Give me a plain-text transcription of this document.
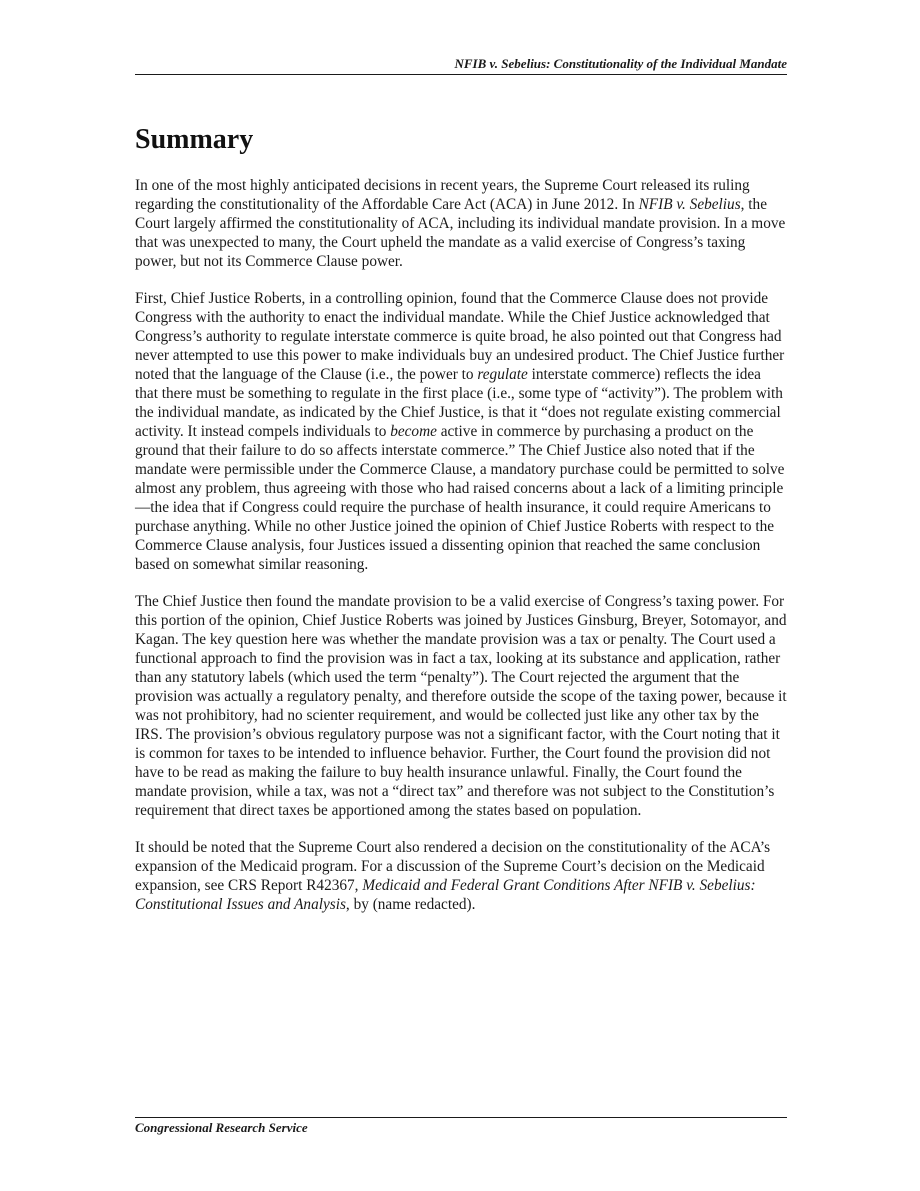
NFIB v. Sebelius: Constitutionality of the Individual Mandate
Summary

In one of the most highly anticipated decisions in recent years, the Supreme Court released its ruling regarding the constitutionality of the Affordable Care Act (ACA) in June 2012. In NFIB v. Sebelius, the Court largely affirmed the constitutionality of ACA, including its individual mandate provision. In a move that was unexpected to many, the Court upheld the mandate as a valid exercise of Congress’s taxing power, but not its Commerce Clause power.

First, Chief Justice Roberts, in a controlling opinion, found that the Commerce Clause does not provide Congress with the authority to enact the individual mandate. While the Chief Justice acknowledged that Congress’s authority to regulate interstate commerce is quite broad, he also pointed out that Congress had never attempted to use this power to make individuals buy an undesired product. The Chief Justice further noted that the language of the Clause (i.e., the power to regulate interstate commerce) reflects the idea that there must be something to regulate in the first place (i.e., some type of “activity”). The problem with the individual mandate, as indicated by the Chief Justice, is that it “does not regulate existing commercial activity. It instead compels individuals to become active in commerce by purchasing a product on the ground that their failure to do so affects interstate commerce.” The Chief Justice also noted that if the mandate were permissible under the Commerce Clause, a mandatory purchase could be permitted to solve almost any problem, thus agreeing with those who had raised concerns about a lack of a limiting principle—the idea that if Congress could require the purchase of health insurance, it could require Americans to purchase anything. While no other Justice joined the opinion of Chief Justice Roberts with respect to the Commerce Clause analysis, four Justices issued a dissenting opinion that reached the same conclusion based on somewhat similar reasoning.

The Chief Justice then found the mandate provision to be a valid exercise of Congress’s taxing power. For this portion of the opinion, Chief Justice Roberts was joined by Justices Ginsburg, Breyer, Sotomayor, and Kagan. The key question here was whether the mandate provision was a tax or penalty. The Court used a functional approach to find the provision was in fact a tax, looking at its substance and application, rather than any statutory labels (which used the term “penalty”). The Court rejected the argument that the provision was actually a regulatory penalty, and therefore outside the scope of the taxing power, because it was not prohibitory, had no scienter requirement, and would be collected just like any other tax by the IRS. The provision’s obvious regulatory purpose was not a significant factor, with the Court noting that it is common for taxes to be intended to influence behavior. Further, the Court found the provision did not have to be read as making the failure to buy health insurance unlawful. Finally, the Court found the mandate provision, while a tax, was not a “direct tax” and therefore was not subject to the Constitution’s requirement that direct taxes be apportioned among the states based on population.

It should be noted that the Supreme Court also rendered a decision on the constitutionality of the ACA’s expansion of the Medicaid program. For a discussion of the Supreme Court’s decision on the Medicaid expansion, see CRS Report R42367, Medicaid and Federal Grant Conditions After NFIB v. Sebelius: Constitutional Issues and Analysis, by (name redacted).

Congressional Research Service
